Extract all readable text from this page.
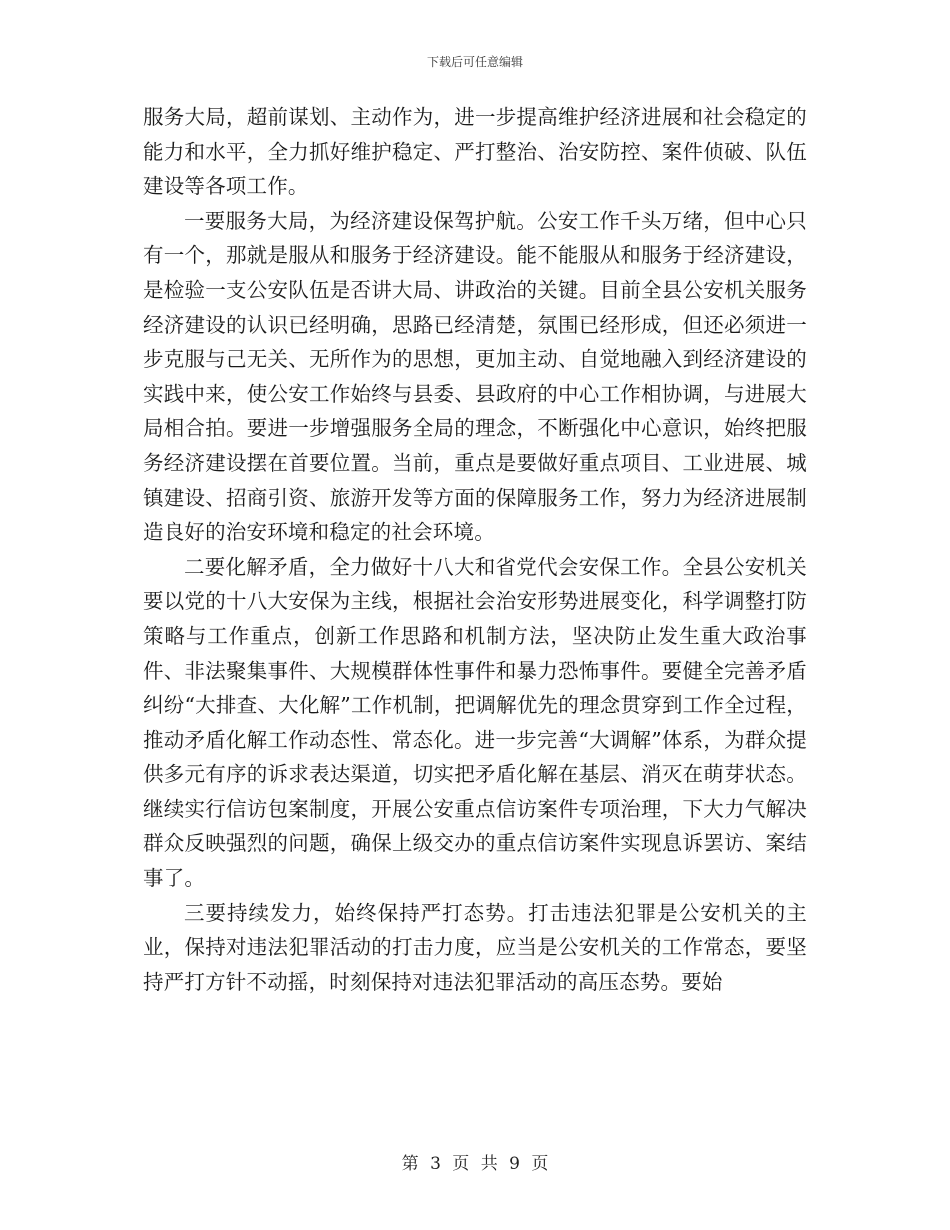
下载后可任意编辑

服务大局，超前谋划、主动作为，进一步提高维护经济进展和社会稳定的能力和水平，全力抓好维护稳定、严打整治、治安防控、案件侦破、队伍建设等各项工作。

一要服务大局，为经济建设保驾护航。公安工作千头万绪，但中心只有一个，那就是服从和服务于经济建设。能不能服从和服务于经济建设，是检验一支公安队伍是否讲大局、讲政治的关键。目前全县公安机关服务经济建设的认识已经明确，思路已经清楚，氛围已经形成，但还必须进一步克服与己无关、无所作为的思想，更加主动、自觉地融入到经济建设的实践中来，使公安工作始终与县委、县政府的中心工作相协调，与进展大局相合拍。要进一步增强服务全局的理念，不断强化中心意识，始终把服务经济建设摆在首要位置。当前，重点是要做好重点项目、工业进展、城镇建设、招商引资、旅游开发等方面的保障服务工作，努力为经济进展制造良好的治安环境和稳定的社会环境。

二要化解矛盾，全力做好十八大和省党代会安保工作。全县公安机关要以党的十八大安保为主线，根据社会治安形势进展变化，科学调整打防策略与工作重点，创新工作思路和机制方法，坚决防止发生重大政治事件、非法聚集事件、大规模群体性事件和暴力恐怖事件。要健全完善矛盾纠纷“大排查、大化解”工作机制，把调解优先的理念贯穿到工作全过程，推动矛盾化解工作动态性、常态化。进一步完善“大调解”体系，为群众提供多元有序的诉求表达渠道，切实把矛盾化解在基层、消灭在萌芽状态。继续实行信访包案制度，开展公安重点信访案件专项治理，下大力气解决群众反映强烈的问题，确保上级交办的重点信访案件实现息诉罢访、案结事了。

三要持续发力，始终保持严打态势。打击违法犯罪是公安机关的主业，保持对违法犯罪活动的打击力度，应当是公安机关的工作常态，要坚持严打方针不动摇，时刻保持对违法犯罪活动的高压态势。要始

第 3 页 共 9 页
